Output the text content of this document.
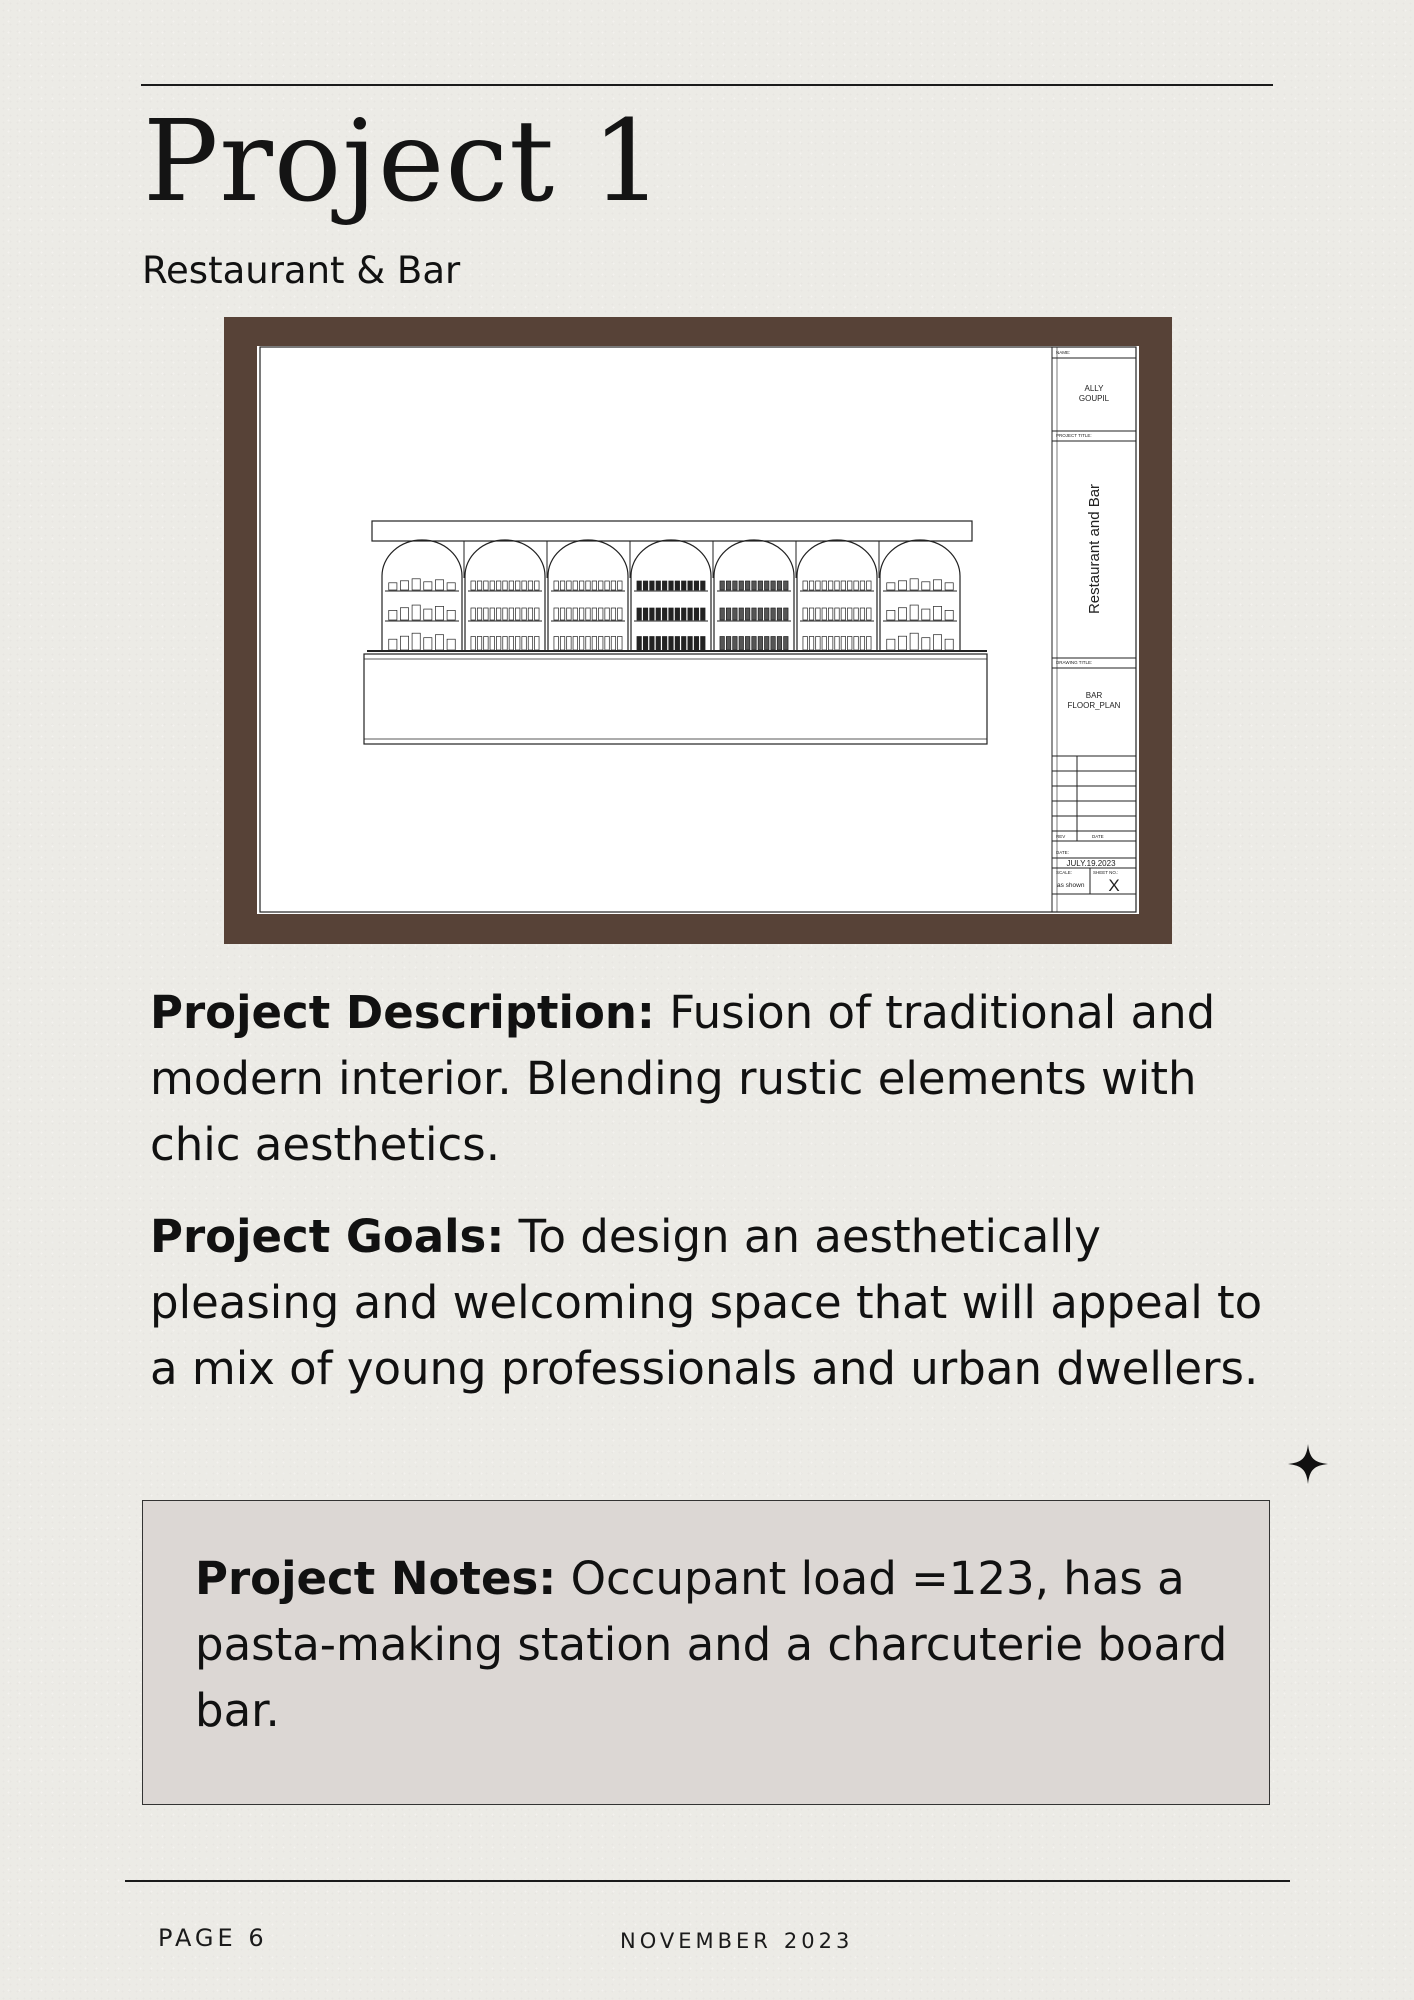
Project 1
Restaurant & Bar
NAME:
ALLY
GOUPIL
PROJECT TITLE:
Restaurant and Bar
DRAWING TITLE:
BAR
FLOOR_PLAN
REV	DATE
DATE:
JULY.19.2023
SCALE:	SHEET NO.:
as shown X

Project Description: Fusion of traditional and modern interior. Blending rustic elements with chic aesthetics.

Project Goals: To design an aesthetically pleasing and welcoming space that will appeal to a mix of young professionals and urban dwellers.

Project Notes: Occupant load =123, has a pasta-making station and a charcuterie board bar.

PAGE 6	NOVEMBER 2023
